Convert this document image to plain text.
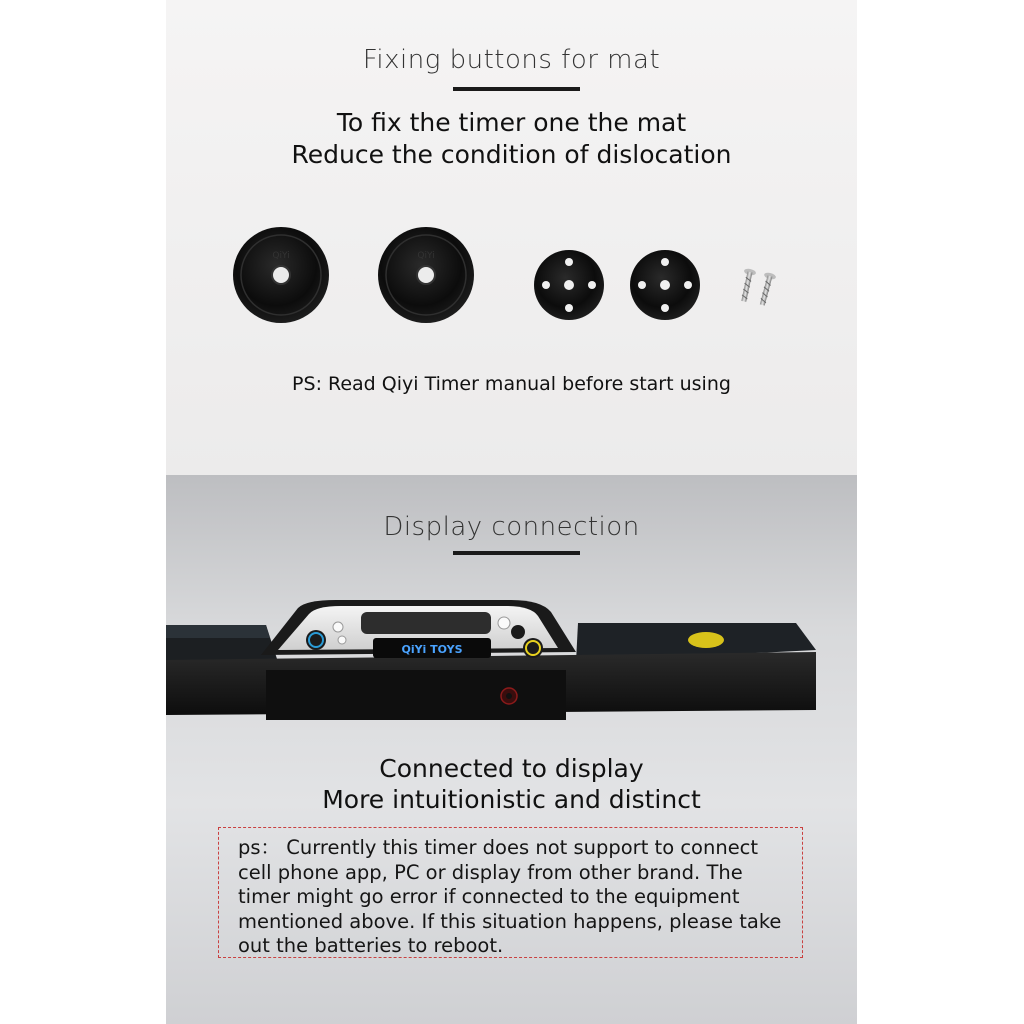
Fixing buttons for mat
To fix the timer one the mat
Reduce the condition of dislocation
QiYi	QiYi
PS: Read Qiyi Timer manual before start using
Display connection
QiYi TOYS
Connected to display
More intuitionistic and distinct
ps： Currently this timer does not support to connect cell phone app, PC or display from other brand. The timer might go error if connected to the equipment mentioned above. If this situation happens, please take out the batteries to reboot.
